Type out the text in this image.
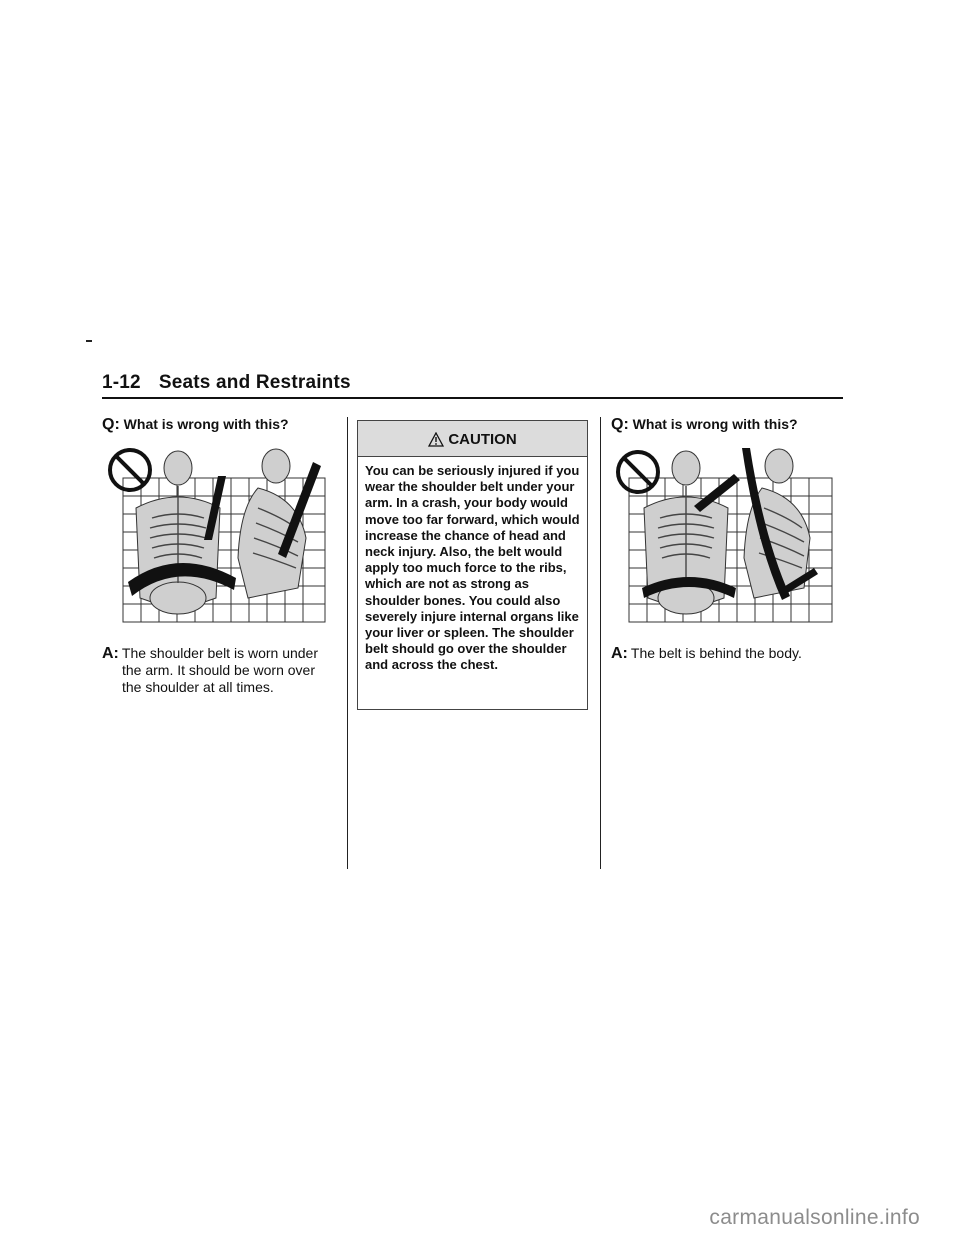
1-12 Seats and Restraints
Q: What is wrong with this?

A: The shoulder belt is worn under the arm. It should be worn over the shoulder at all times.

CAUTION

You can be seriously injured if you wear the shoulder belt under your arm. In a crash, your body would move too far forward, which would increase the chance of head and neck injury. Also, the belt would apply too much force to the ribs, which are not as strong as shoulder bones. You could also severely injure internal organs like your liver or spleen. The shoulder belt should go over the shoulder and across the chest.

Q: What is wrong with this?

A: The belt is behind the body.

carmanualsonline.info
